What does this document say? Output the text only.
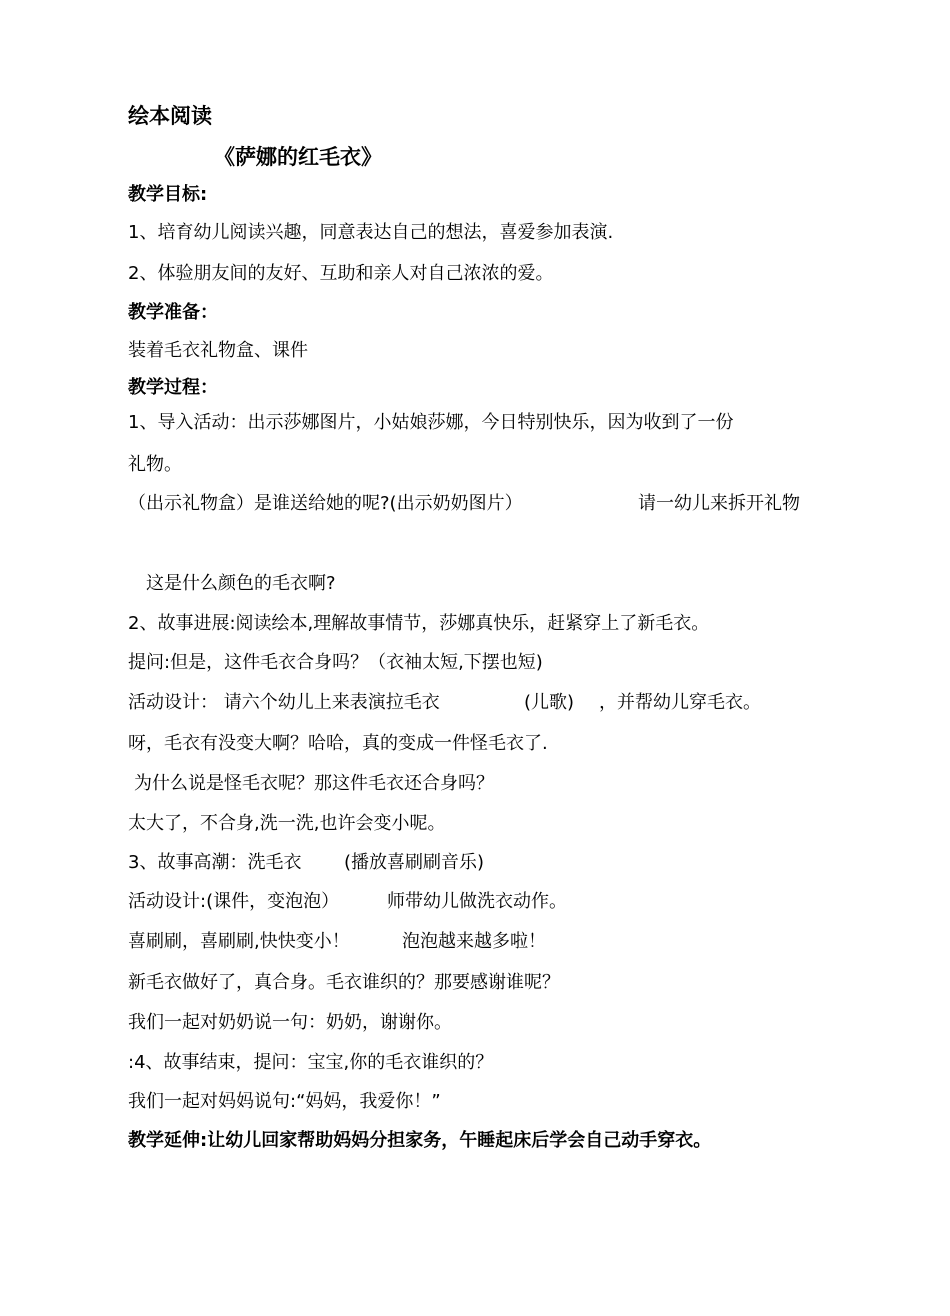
绘本阅读
《萨娜的红毛衣》
教学目标:
1、培育幼儿阅读兴趣，同意表达自己的想法，喜爱参加表演.
2、体验朋友间的友好、互助和亲人对自己浓浓的爱。
教学准备：
装着毛衣礼物盒、课件
教学过程：
1、导入活动：出示莎娜图片，小姑娘莎娜，今日特别快乐，因为收到了一份
礼物。
（出示礼物盒）是谁送给她的呢?(出示奶奶图片）	请一幼儿来拆开礼物
这是什么颜色的毛衣啊?
2、故事进展:阅读绘本,理解故事情节，莎娜真快乐，赶紧穿上了新毛衣。
提问:但是，这件毛衣合身吗？（衣袖太短,下摆也短)
活动设计： 请六个幼儿上来表演拉毛衣	(儿歌) ，并帮幼儿穿毛衣。
呀，毛衣有没变大啊？哈哈，真的变成一件怪毛衣了.
为什么说是怪毛衣呢？那这件毛衣还合身吗？
太大了，不合身,洗一洗,也许会变小呢。
3、故事高潮：洗毛衣 (播放喜刷刷音乐)
活动设计:(课件，变泡泡）	师带幼儿做洗衣动作。
喜刷刷，喜刷刷,快快变小！	泡泡越来越多啦！
新毛衣做好了，真合身。毛衣谁织的？那要感谢谁呢？
我们一起对奶奶说一句：奶奶，谢谢你。
:4、故事结束，提问：宝宝,你的毛衣谁织的？
我们一起对妈妈说句:“妈妈，我爱你！”
教学延伸:让幼儿回家帮助妈妈分担家务，午睡起床后学会自己动手穿衣。
